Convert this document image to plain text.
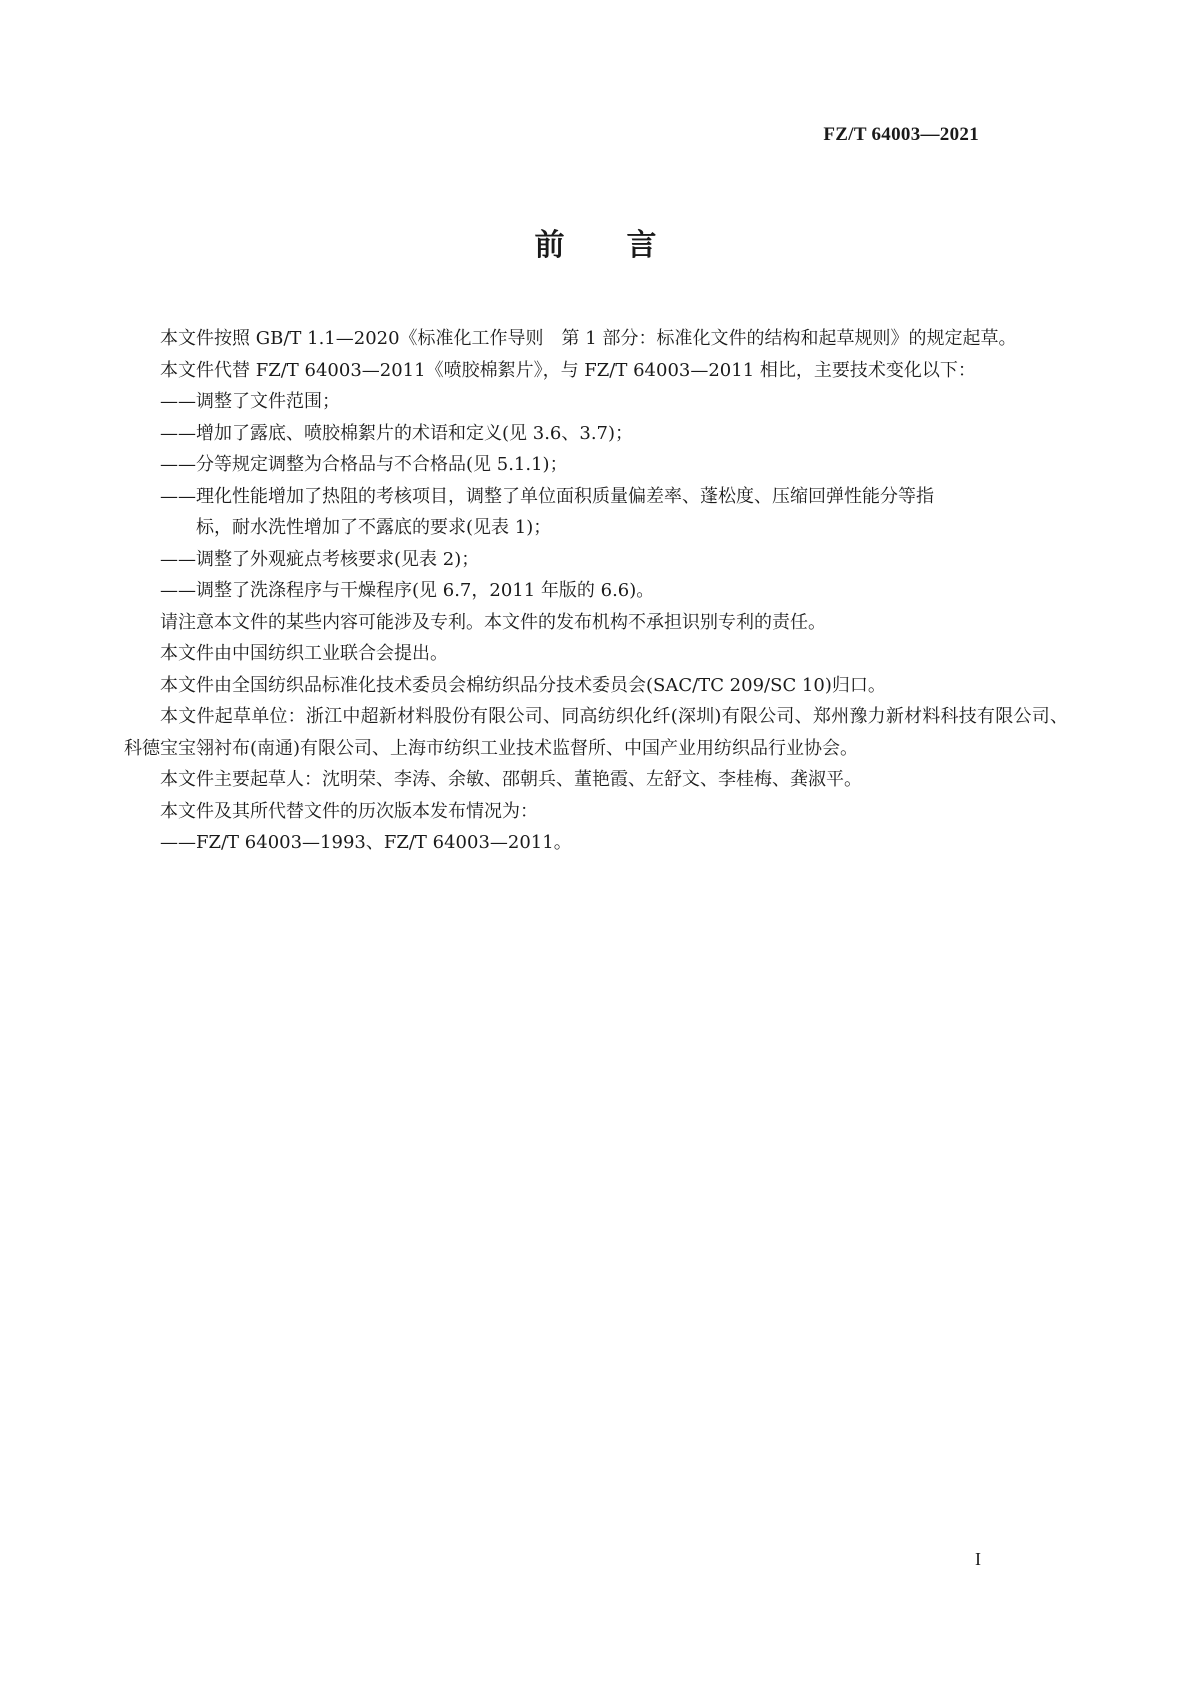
FZ/T 64003—2021
前言

本文件按照 GB/T 1.1—2020《标准化工作导则　第 1 部分：标准化文件的结构和起草规则》的规定起草。

本文件代替 FZ/T 64003—2011《喷胶棉絮片》，与 FZ/T 64003—2011 相比，主要技术变化以下：

——调整了文件范围；

——增加了露底、喷胶棉絮片的术语和定义(见 3.6、3.7)；

——分等规定调整为合格品与不合格品(见 5.1.1)；

——理化性能增加了热阻的考核项目，调整了单位面积质量偏差率、蓬松度、压缩回弹性能分等指

标，耐水洗性增加了不露底的要求(见表 1)；

——调整了外观疵点考核要求(见表 2)；

——调整了洗涤程序与干燥程序(见 6.7，2011 年版的 6.6)。

请注意本文件的某些内容可能涉及专利。本文件的发布机构不承担识别专利的责任。

本文件由中国纺织工业联合会提出。

本文件由全国纺织品标准化技术委员会棉纺织品分技术委员会(SAC/TC 209/SC 10)归口。

本文件起草单位：浙江中超新材料股份有限公司、同高纺织化纤(深圳)有限公司、郑州豫力新材料科技有限公司、科德宝宝翎衬布(南通)有限公司、上海市纺织工业技术监督所、中国产业用纺织品行业协会。

本文件主要起草人：沈明荣、李涛、余敏、邵朝兵、董艳霞、左舒文、李桂梅、龚淑平。

本文件及其所代替文件的历次版本发布情况为：

——FZ/T 64003—1993、FZ/T 64003—2011。

I
